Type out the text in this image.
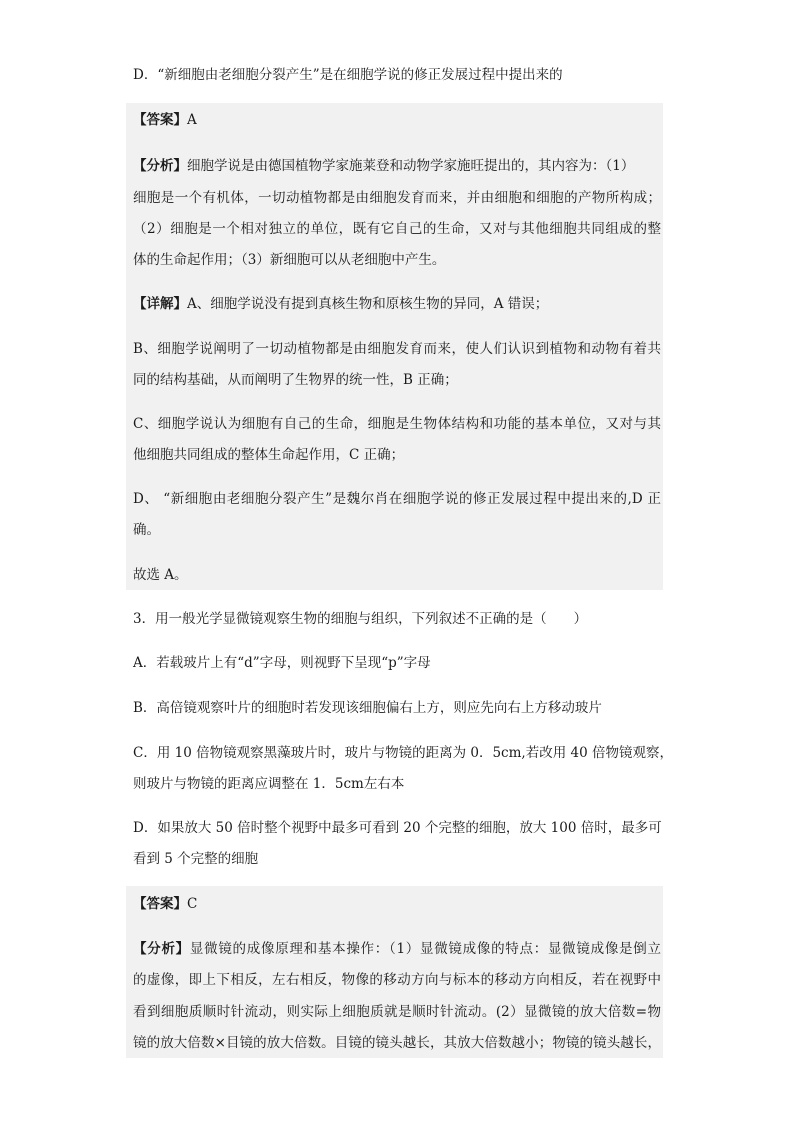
D．“新细胞由老细胞分裂产生”是在细胞学说的修正发展过程中提出来的
【答案】A
【分析】细胞学说是由德国植物学家施莱登和动物学家施旺提出的，其内容为：（1）
细胞是一个有机体，一切动植物都是由细胞发育而来，并由细胞和细胞的产物所构成；
（2）细胞是一个相对独立的单位，既有它自己的生命，又对与其他细胞共同组成的整
体的生命起作用；（3）新细胞可以从老细胞中产生。
【详解】A、细胞学说没有提到真核生物和原核生物的异同，A 错误；
B、细胞学说阐明了一切动植物都是由细胞发育而来，使人们认识到植物和动物有着共
同的结构基础，从而阐明了生物界的统一性，B 正确；
C、细胞学说认为细胞有自己的生命，细胞是生物体结构和功能的基本单位，又对与其
他细胞共同组成的整体生命起作用，C 正确；
D、 “新细胞由老细胞分裂产生”是魏尔肖在细胞学说的修正发展过程中提出来的,D 正
确。
故选 A。
3．用一般光学显微镜观察生物的细胞与组织，下列叙述不正确的是（　　）
A．若载玻片上有“d”字母，则视野下呈现“p”字母
B．高倍镜观察叶片的细胞时若发现该细胞偏右上方，则应先向右上方移动玻片
C．用 10 倍物镜观察黑藻玻片时，玻片与物镜的距离为 0．5cm,若改用 40 倍物镜观察，
则玻片与物镜的距离应调整在 1．5cm左右本
D．如果放大 50 倍时整个视野中最多可看到 20 个完整的细胞，放大 100 倍时，最多可
看到 5 个完整的细胞
【答案】C
【分析】显微镜的成像原理和基本操作：（1）显微镜成像的特点：显微镜成像是倒立
的虚像，即上下相反，左右相反，物像的移动方向与标本的移动方向相反，若在视野中
看到细胞质顺时针流动，则实际上细胞质就是顺时针流动。(2）显微镜的放大倍数=物
镜的放大倍数×目镜的放大倍数。目镜的镜头越长，其放大倍数越小；物镜的镜头越长，
